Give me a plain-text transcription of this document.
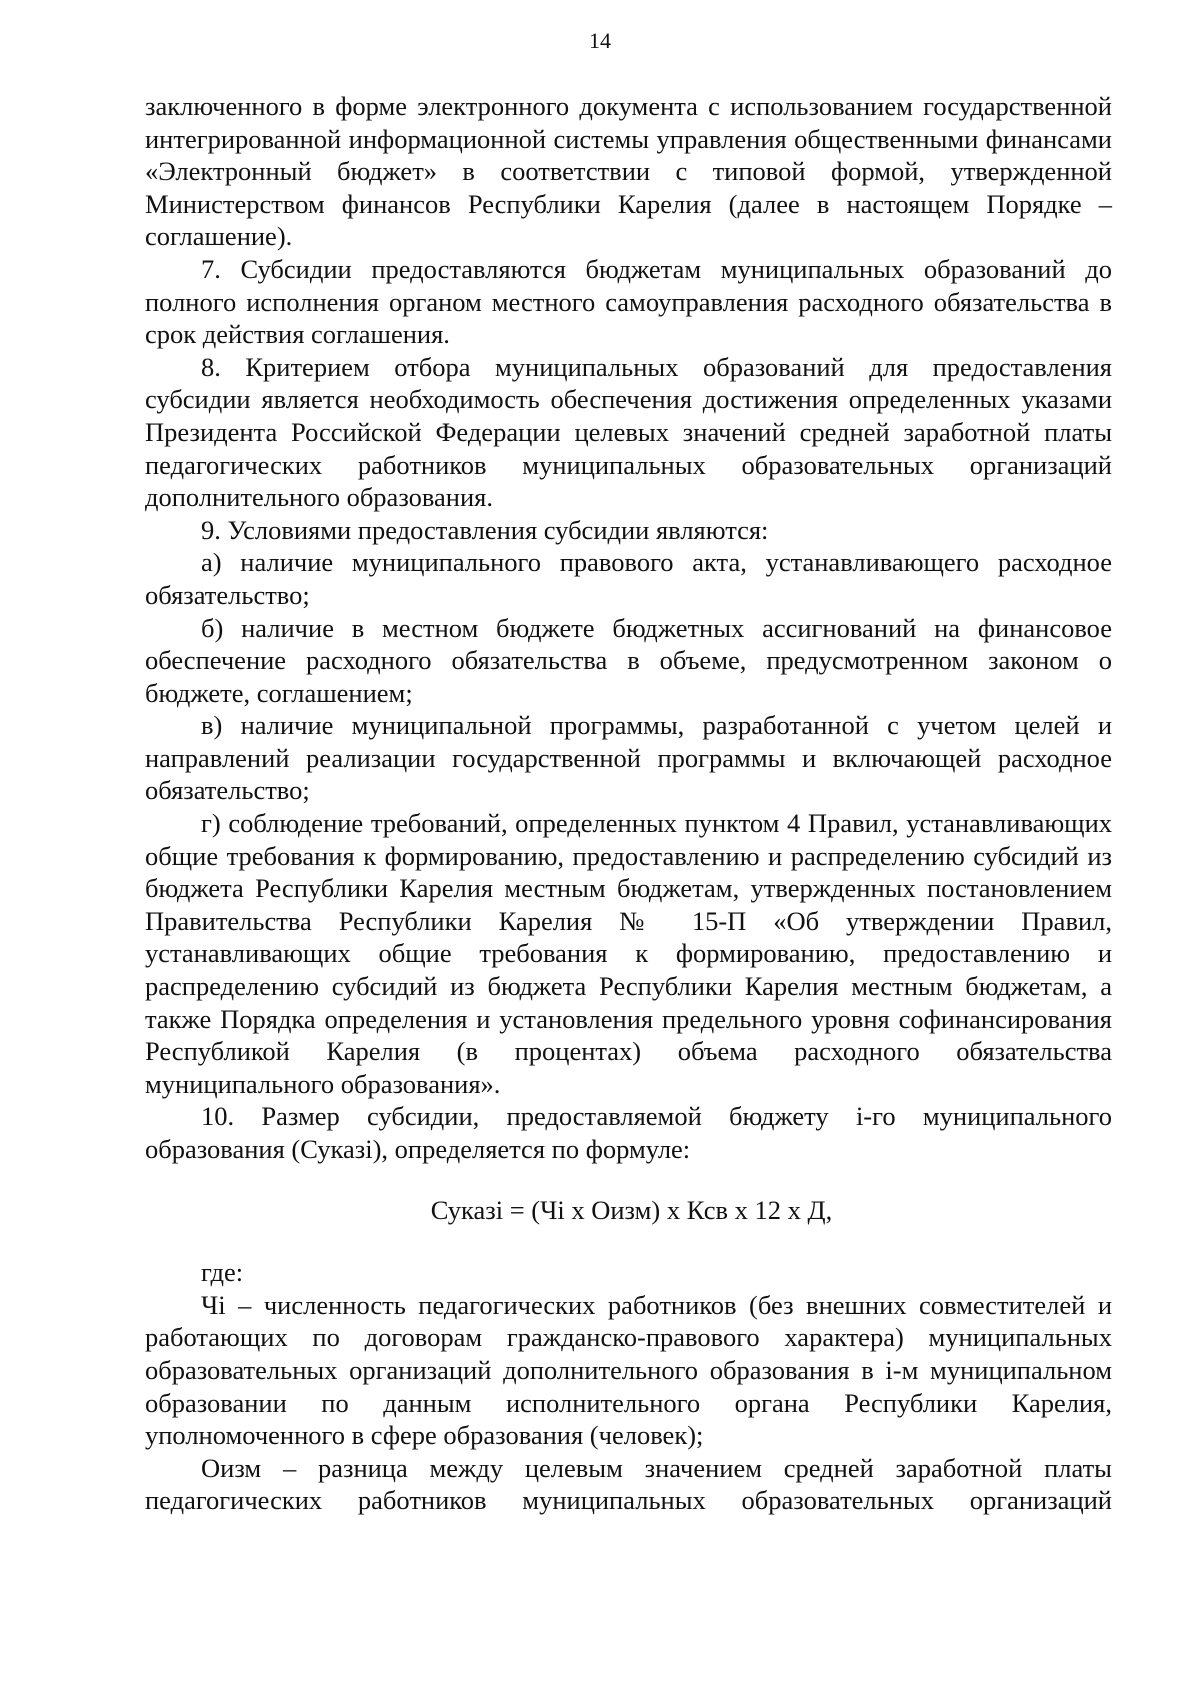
14

заключенного в форме электронного документа с использованием государственной интегрированной информационной системы управления общественными финансами «Электронный бюджет» в соответствии с типовой формой, утвержденной Министерством финансов Республики Карелия (далее в настоящем Порядке – соглашение).

7. Субсидии предоставляются бюджетам муниципальных образований до полного исполнения органом местного самоуправления расходного обязательства в срок действия соглашения.

8. Критерием отбора муниципальных образований для предоставления субсидии является необходимость обеспечения достижения определенных указами Президента Российской Федерации целевых значений средней заработной платы педагогических работников муниципальных образовательных организаций дополнительного образования.

9. Условиями предоставления субсидии являются:

а) наличие муниципального правового акта, устанавливающего расходное обязательство;

б) наличие в местном бюджете бюджетных ассигнований на финансовое обеспечение расходного обязательства в объеме, предусмотренном законом о бюджете, соглашением;

в) наличие муниципальной программы, разработанной с учетом целей и направлений реализации государственной программы и включающей расходное обязательство;

г) соблюдение требований, определенных пунктом 4 Правил, устанавливающих общие требования к формированию, предоставлению и распределению субсидий из бюджета Республики Карелия местным бюджетам, утвержденных постановлением Правительства Республики Карелия № 15-П «Об утверждении Правил, устанавливающих общие требования к формированию, предоставлению и распределению субсидий из бюджета Республики Карелия местным бюджетам, а также Порядка определения и установления предельного уровня софинансирования Республикой Карелия (в процентах) объема расходного обязательства муниципального образования».

10. Размер субсидии, предоставляемой бюджету i-го муниципального образования (Суказi), определяется по формуле:

Суказi = (Чi х Оизм) х Ксв х 12 х Д,

где:

Чi – численность педагогических работников (без внешних совместителей и работающих по договорам гражданско-правового характера) муниципальных образовательных организаций дополнительного образования в i-м муниципальном образовании по данным исполнительного органа Республики Карелия, уполномоченного в сфере образования (человек);

Оизм – разница между целевым значением средней заработной платы педагогических работников муниципальных образовательных организаций
